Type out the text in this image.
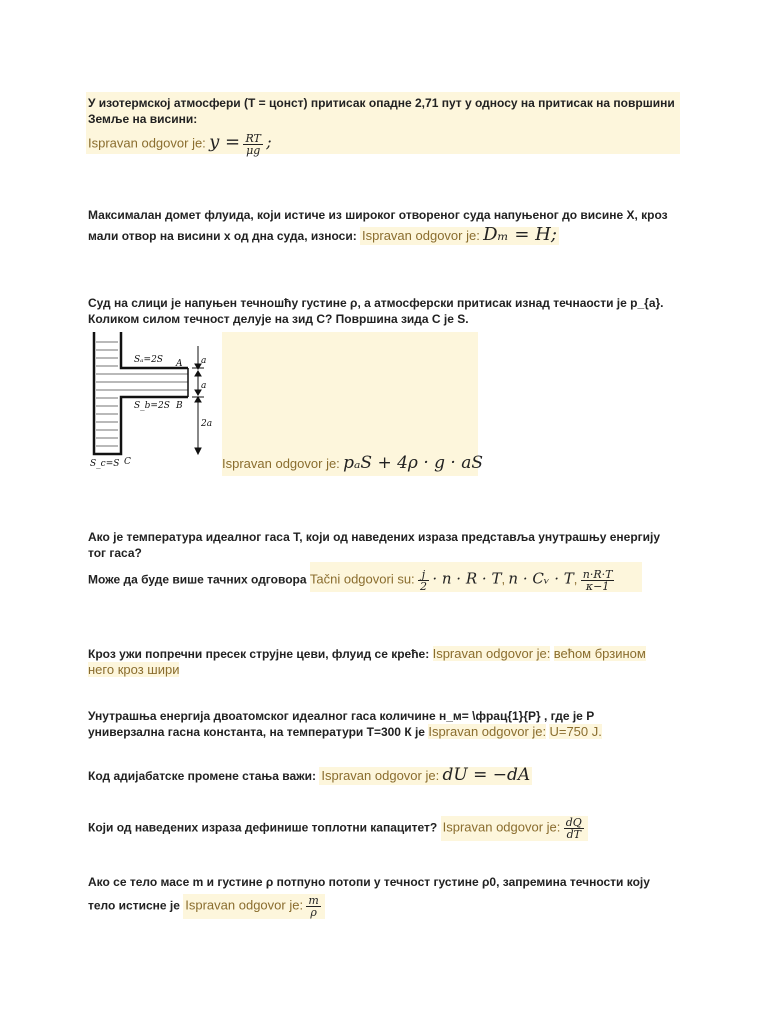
У изотермској атмосфери (Т = цонст) притисак опадне 2,71 пут у односу на притисак на површини Земље на висини:
Ispravan odgovor je: $y = \frac{RT}{\mu g}$ ;
Максималан домет флуида, који истиче из широког отвореног суда напуњеног до висине Х, кроз
мали отвор на висини х од дна суда, износи: Ispravan odgovor je: Dₘ = H;
Суд на слици је напуњен течношћу густине ρ, а атмосферски притисак изнад течнаости је p_{a}.
Коликом силом течност делује на зид C? Површина зида C је S.
Sₐ=2S A
S_b=2S B
S_c=S C
a
a
2a
Ispravan odgovor je: pₐS + 4ρ · g · aS
Ако је температура идеалног гаса Т, који од наведених израза представља унутрашњу енергију
тог гаса?
Може да буде више тачних одговора Tačni odgovori su: $\frac{j}{2} \cdot n \cdot R \cdot T$, n · Cᵥ · T, $\frac{n\cdot R\cdot T}{\kappa-1}$
Кроз ужи попречни пресек струјне цеви, флуид се креће: Ispravan odgovor je: већом брзином
него кроз шири
Унутрашња енергија двоатомског идеалног гаса количине н_м= \фрац{1}{P} , где је P
универзална гасна константа, на температури Т=300 К је Ispravan odgovor je: U=750 J.
Код адијабатске промене стања важи: Ispravan odgovor je: dU = −dA
Који од наведених израза дефинише топлотни капацитет? Ispravan odgovor je: $\frac{dQ}{dT}$
Ако се тело масе m и густине ρ потпуно потопи у течност густине ρ0, запремина течности коју
тело истисне је Ispravan odgovor je: $\frac{m}{\rho}$
